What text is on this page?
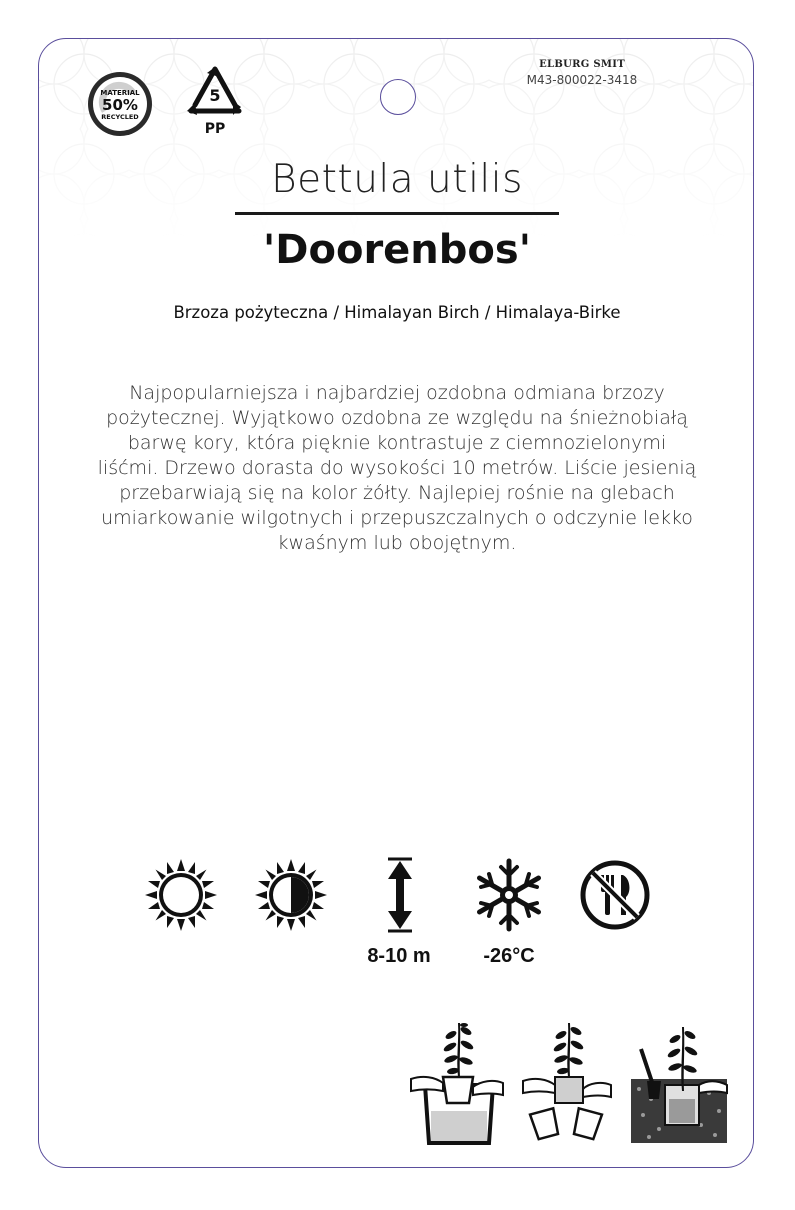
MATERIAL
50%
RECYCLED
5
PP
ELBURG SMIT
M43-800022-3418
Bettula utilis
'Doorenbos'
Brzoza pożyteczna / Himalayan Birch / Himalaya-Birke
Najpopularniejsza i najbardziej ozdobna odmiana brzozy
pożytecznej. Wyjątkowo ozdobna ze względu na śnieżnobiałą
barwę kory, która pięknie kontrastuje z ciemnozielonymi
liśćmi. Drzewo dorasta do wysokości 10 metrów. Liście jesienią
przebarwiają się na kolor żółty. Najlepiej rośnie na glebach
umiarkowanie wilgotnych i przepuszczalnych o odczynie lekko
kwaśnym lub obojętnym.
8-10 m	-26°C
